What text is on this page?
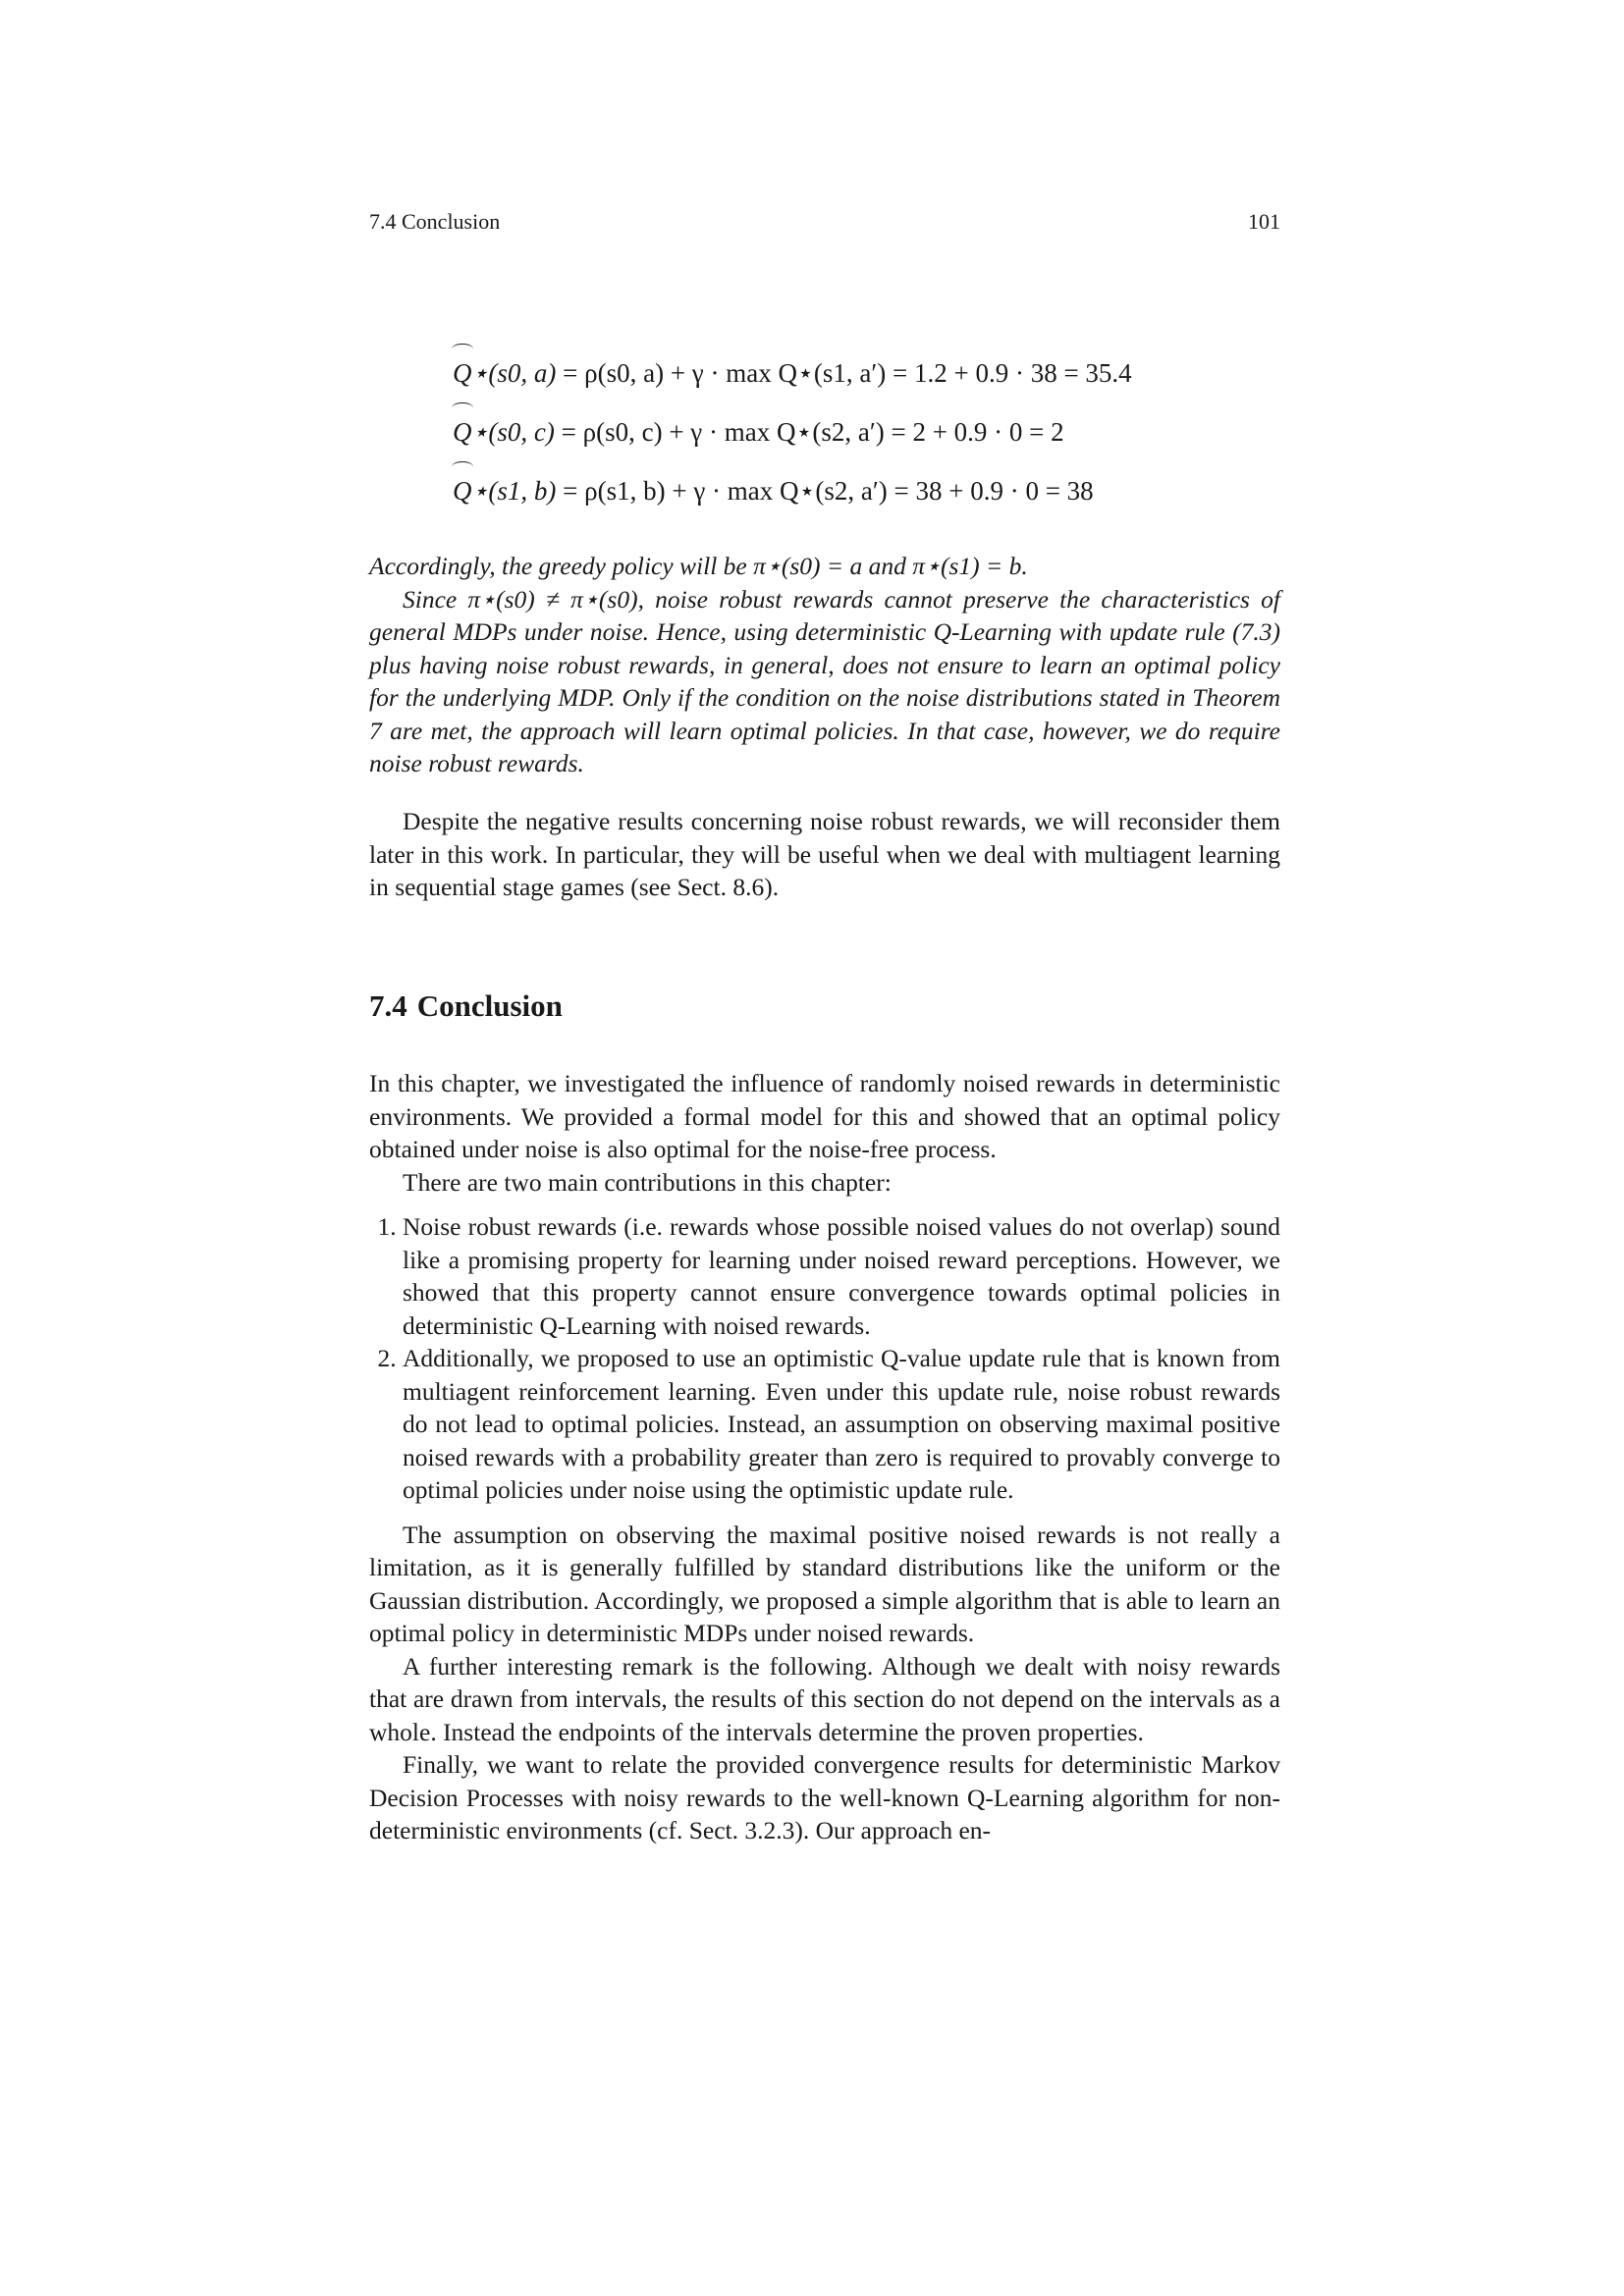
7.4 Conclusion	101
Q⋆(s0, a) = ρ(s0, a) + γ · max Q⋆(s1, a′) = 1.2 + 0.9 · 38 = 35.4
Q⋆(s0, c) = ρ(s0, c) + γ · max Q⋆(s2, a′) = 2 + 0.9 · 0 = 2
Q⋆(s1, b) = ρ(s1, b) + γ · max Q⋆(s2, a′) = 38 + 0.9 · 0 = 38

Accordingly, the greedy policy will be π⋆(s0) = a and π⋆(s1) = b.

Since π⋆(s0) ≠ π⋆(s0), noise robust rewards cannot preserve the characteristics of general MDPs under noise. Hence, using deterministic Q-Learning with update rule (7.3) plus having noise robust rewards, in general, does not ensure to learn an optimal policy for the underlying MDP. Only if the condition on the noise distributions stated in Theorem 7 are met, the approach will learn optimal policies. In that case, however, we do require noise robust rewards.

Despite the negative results concerning noise robust rewards, we will reconsider them later in this work. In particular, they will be useful when we deal with multiagent learning in sequential stage games (see Sect. 8.6).

7.4 Conclusion

In this chapter, we investigated the influence of randomly noised rewards in deterministic environments. We provided a formal model for this and showed that an optimal policy obtained under noise is also optimal for the noise-free process.

There are two main contributions in this chapter:

1. Noise robust rewards (i.e. rewards whose possible noised values do not overlap) sound like a promising property for learning under noised reward perceptions. However, we showed that this property cannot ensure convergence towards optimal policies in deterministic Q-Learning with noised rewards.
2. Additionally, we proposed to use an optimistic Q-value update rule that is known from multiagent reinforcement learning. Even under this update rule, noise robust rewards do not lead to optimal policies. Instead, an assumption on observing maximal positive noised rewards with a probability greater than zero is required to provably converge to optimal policies under noise using the optimistic update rule.

The assumption on observing the maximal positive noised rewards is not really a limitation, as it is generally fulfilled by standard distributions like the uniform or the Gaussian distribution. Accordingly, we proposed a simple algorithm that is able to learn an optimal policy in deterministic MDPs under noised rewards.

A further interesting remark is the following. Although we dealt with noisy rewards that are drawn from intervals, the results of this section do not depend on the intervals as a whole. Instead the endpoints of the intervals determine the proven properties.

Finally, we want to relate the provided convergence results for deterministic Markov Decision Processes with noisy rewards to the well-known Q-Learning algorithm for non-deterministic environments (cf. Sect. 3.2.3). Our approach en-
